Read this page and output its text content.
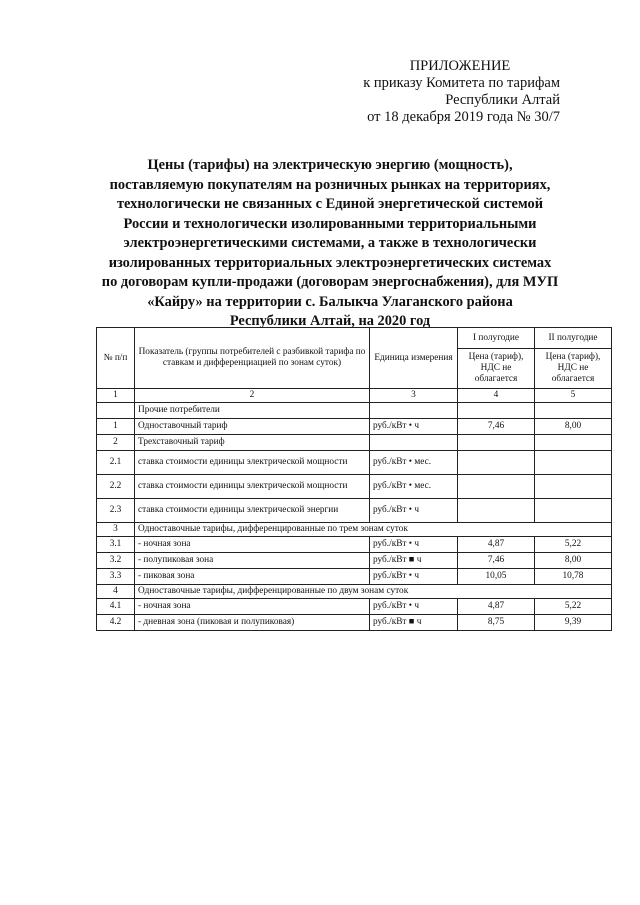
ПРИЛОЖЕНИЕ
к приказу Комитета по тарифам
Республики Алтай
от 18 декабря 2019 года № 30/7
Цены (тарифы) на электрическую энергию (мощность),
поставляемую покупателям на розничных рынках на территориях,
технологически не связанных с Единой энергетической системой
России и технологически изолированными территориальными
электроэнергетическими системами, а также в технологически
изолированных территориальных электроэнергетических системах
по договорам купли-продажи (договорам энергоснабжения), для МУП
«Кайру» на территории с. Балыкча Улаганского района
Республики Алтай, на 2020 год
№ п/п	Показатель (группы потребителей с разбивкой тарифа по ставкам и дифференциацией по зонам суток)	Единица измерения	I полугодие	II полугодие
			Цена (тариф), НДС не облагается	Цена (тариф), НДС не облагается
1	2	3	4	5
	Прочие потребители			
1	Одноставочный тариф	руб./кВт • ч	7,46	8,00
2	Трехставочный тариф			
2.1	ставка стоимости единицы электрической мощности	руб./кВт • мес.		
2.2	ставка стоимости единицы электрической мощности	руб./кВт • мес.		
2.3	ставка стоимости единицы электрической энергии	руб./кВт • ч		
3	Одноставочные тарифы, дифференцированные по трем зонам суток			
3.1	- ночная зона	руб./кВт • ч	4,87	5,22
3.2	- полупиковая зона	руб./кВт ■ ч	7,46	8,00
3.3	- пиковая зона	руб./кВт • ч	10,05	10,78
4	Одноставочные тарифы, дифференцированные по двум зонам суток			
4.1	- ночная зона	руб./кВт • ч	4,87	5,22
4.2	- дневная зона (пиковая и полупиковая)	руб./кВт ■ ч	8,75	9,39
